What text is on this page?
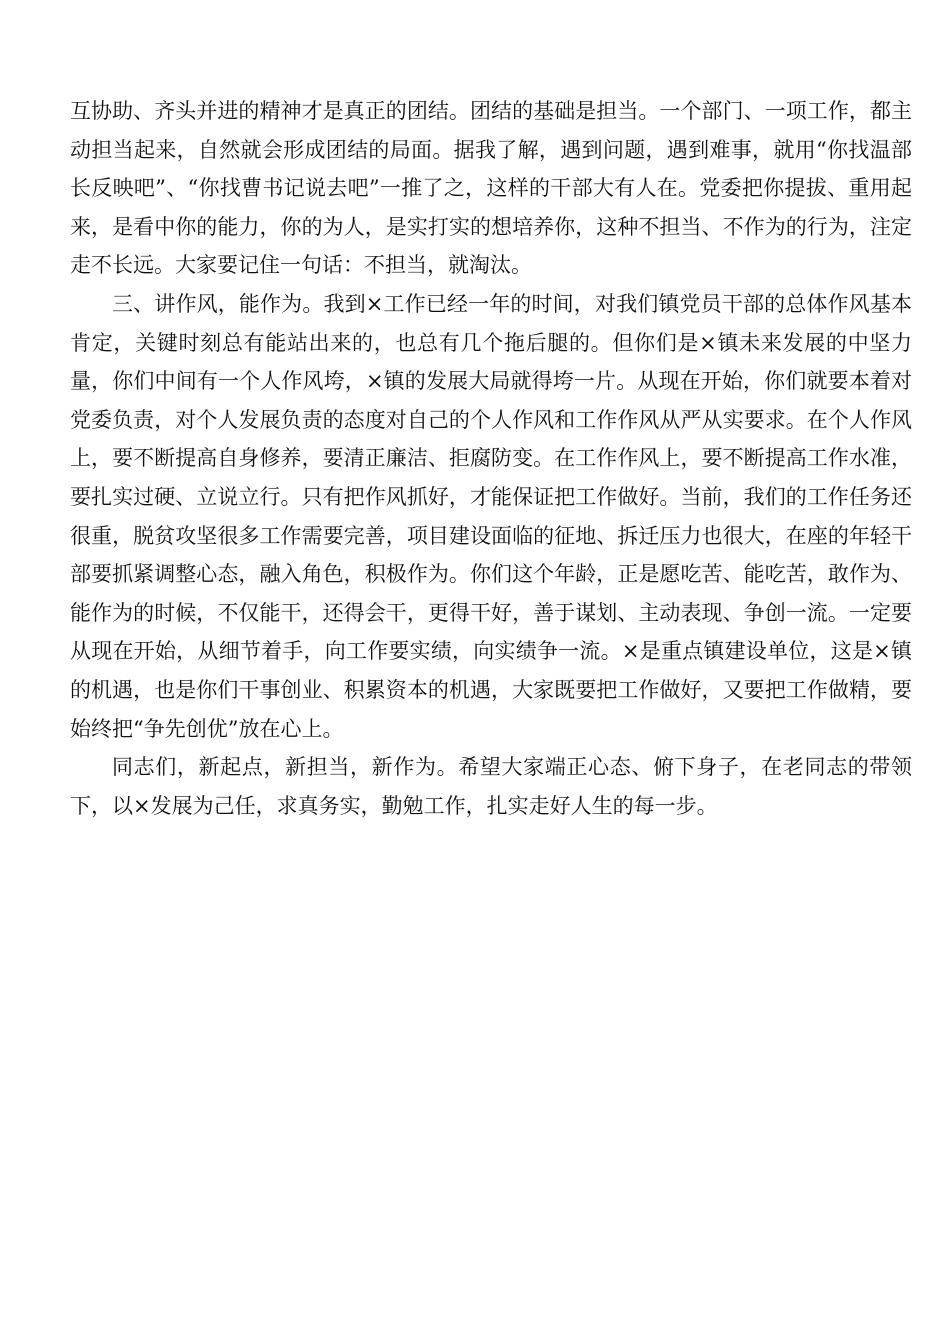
互协助、齐头并进的精神才是真正的团结。团结的基础是担当。一个部门、一项工作，都主动担当起来，自然就会形成团结的局面。据我了解，遇到问题，遇到难事，就用“你找温部长反映吧”、“你找曹书记说去吧”一推了之，这样的干部大有人在。党委把你提拔、重用起来，是看中你的能力，你的为人，是实打实的想培养你，这种不担当、不作为的行为，注定走不长远。大家要记住一句话：不担当，就淘汰。

三、讲作风，能作为。我到×工作已经一年的时间，对我们镇党员干部的总体作风基本肯定，关键时刻总有能站出来的，也总有几个拖后腿的。但你们是×镇未来发展的中坚力量，你们中间有一个人作风垮，×镇的发展大局就得垮一片。从现在开始，你们就要本着对党委负责，对个人发展负责的态度对自己的个人作风和工作作风从严从实要求。在个人作风上，要不断提高自身修养，要清正廉洁、拒腐防变。在工作作风上，要不断提高工作水准，要扎实过硬、立说立行。只有把作风抓好，才能保证把工作做好。当前，我们的工作任务还很重，脱贫攻坚很多工作需要完善，项目建设面临的征地、拆迁压力也很大，在座的年轻干部要抓紧调整心态，融入角色，积极作为。你们这个年龄，正是愿吃苦、能吃苦，敢作为、能作为的时候，不仅能干，还得会干，更得干好，善于谋划、主动表现、争创一流。一定要从现在开始，从细节着手，向工作要实绩，向实绩争一流。×是重点镇建设单位，这是×镇的机遇，也是你们干事创业、积累资本的机遇，大家既要把工作做好，又要把工作做精，要始终把“争先创优”放在心上。

同志们，新起点，新担当，新作为。希望大家端正心态、俯下身子，在老同志的带领下，以×发展为己任，求真务实，勤勉工作，扎实走好人生的每一步。
